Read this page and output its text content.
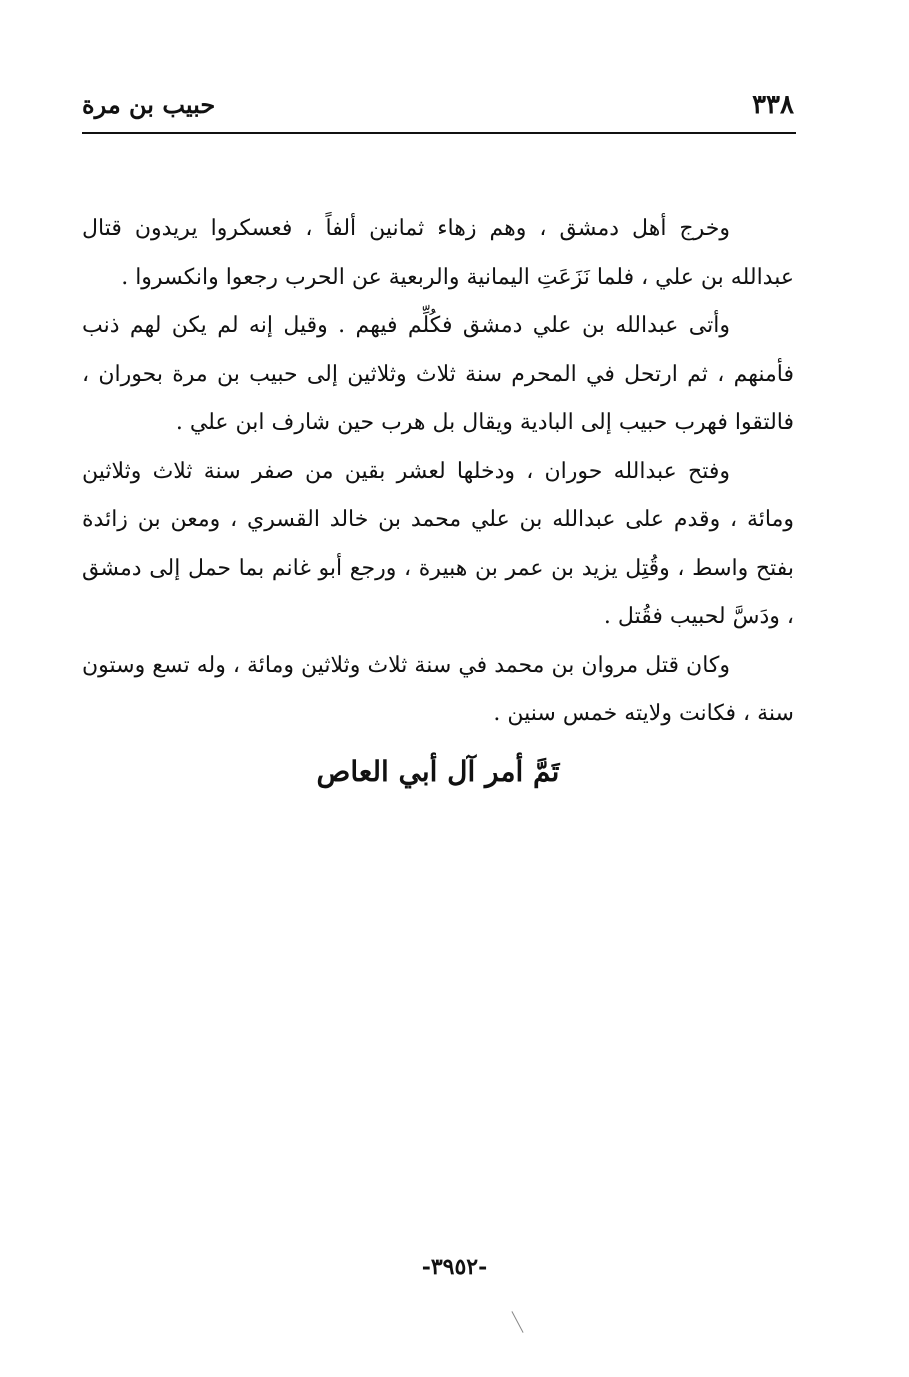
٣٣٨
حبيب بن مرة

وخرج أهل دمشق ، وهم زهاء ثمانين ألفاً ، فعسكروا يريدون قتال عبدالله بن علي ، فلما نَزَعَتِ اليمانية والربعية عن الحرب رجعوا وانكسروا .

وأتى عبدالله بن علي دمشق فكُلِّم فيهم . وقيل إنه لم يكن لهم ذنب فأمنهم ، ثم ارتحل في المحرم سنة ثلاث وثلاثين إلى حبيب بن مرة بحوران ، فالتقوا فهرب حبيب إلى البادية ويقال بل هرب حين شارف ابن علي .

وفتح عبدالله حوران ، ودخلها لعشر بقين من صفر سنة ثلاث وثلاثين ومائة ، وقدم على عبدالله بن علي محمد بن خالد القسري ، ومعن بن زائدة بفتح واسط ، وقُتِل يزيد بن عمر بن هبيرة ، ورجع أبو غانم بما حمل إلى دمشق ، ودَسَّ لحبيب فقُتل .

وكان قتل مروان بن محمد في سنة ثلاث وثلاثين ومائة ، وله تسع وستون سنة ، فكانت ولايته خمس سنين .

تَمَّ أمر آل أبي العاص
-٣٩٥٢-
